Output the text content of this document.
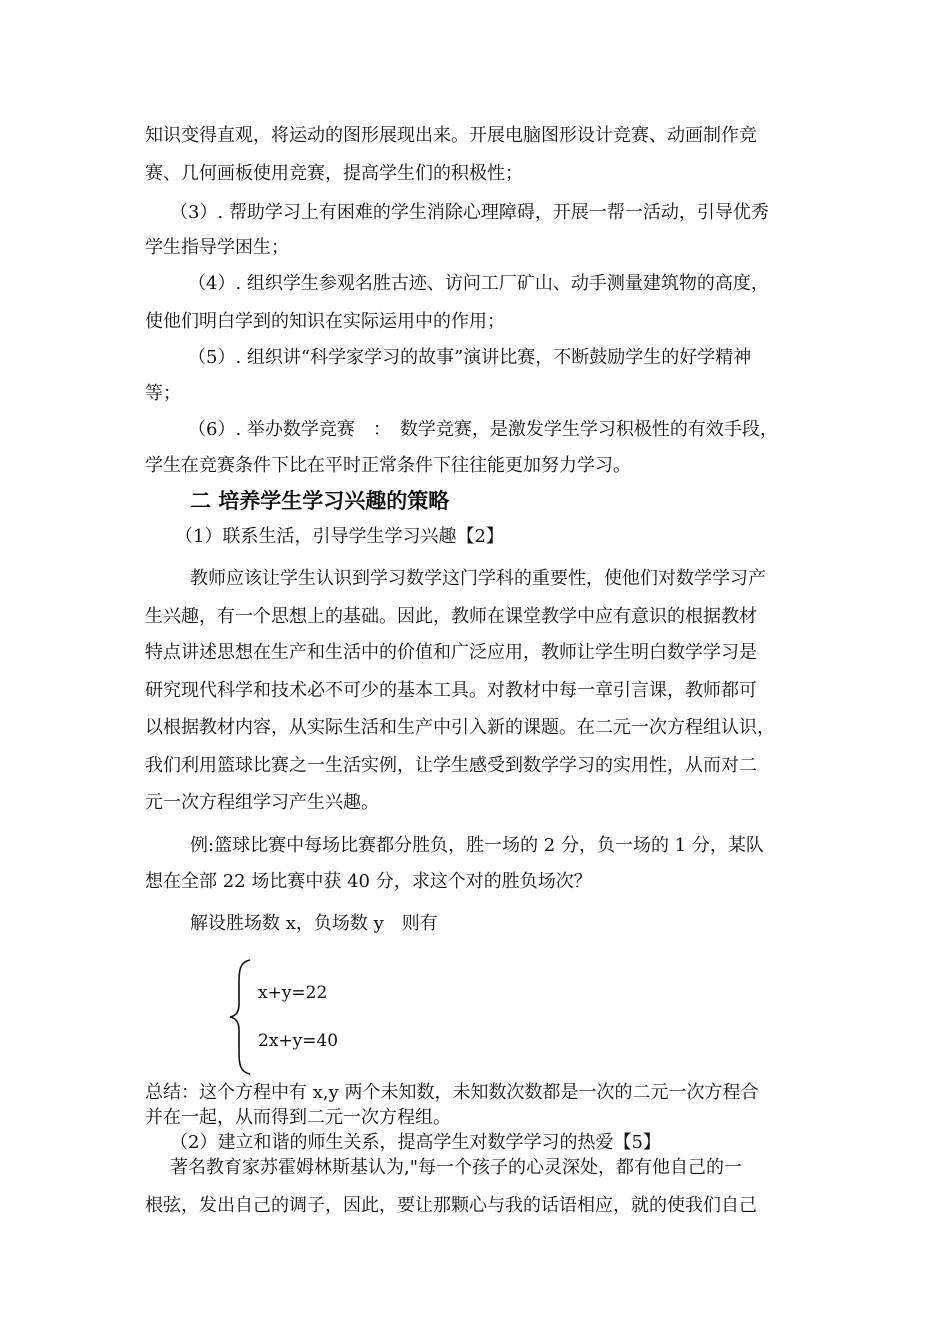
知识变得直观，将运动的图形展现出来。开展电脑图形设计竞赛、动画制作竞
赛、几何画板使用竞赛，提高学生们的积极性；
（3）. 帮助学习上有困难的学生消除心理障碍，开展一帮一活动，引导优秀
学生指导学困生；
（4）. 组织学生参观名胜古迹、访问工厂矿山、动手测量建筑物的高度，
使他们明白学到的知识在实际运用中的作用；
（5）. 组织讲“科学家学习的故事”演讲比赛，不断鼓励学生的好学精神
等；
（6）. 举办数学竞赛　：　数学竞赛，是激发学生学习积极性的有效手段，
学生在竞赛条件下比在平时正常条件下往往能更加努力学习。
二 培养学生学习兴趣的策略
（1）联系生活，引导学生学习兴趣【2】
教师应该让学生认识到学习数学这门学科的重要性，使他们对数学学习产
生兴趣，有一个思想上的基础。因此，教师在课堂教学中应有意识的根据教材
特点讲述思想在生产和生活中的价值和广泛应用，教师让学生明白数学学习是
研究现代科学和技术必不可少的基本工具。对教材中每一章引言课，教师都可
以根据教材内容，从实际生活和生产中引入新的课题。在二元一次方程组认识，
我们利用篮球比赛之一生活实例，让学生感受到数学学习的实用性，从而对二
元一次方程组学习产生兴趣。
例:篮球比赛中每场比赛都分胜负，胜一场的 2 分，负一场的 1 分，某队
想在全部 22 场比赛中获 40 分，求这个对的胜负场次？
解设胜场数 x，负场数 y　则有
x+y=22
2x+y=40
总结：这个方程中有 x,y 两个未知数，未知数次数都是一次的二元一次方程合
并在一起，从而得到二元一次方程组。
（2）建立和谐的师生关系，提高学生对数学学习的热爱【5】
著名教育家苏霍姆林斯基认为,"每一个孩子的心灵深处，都有他自己的一
根弦，发出自己的调子，因此，要让那颗心与我的话语相应，就的使我们自己
